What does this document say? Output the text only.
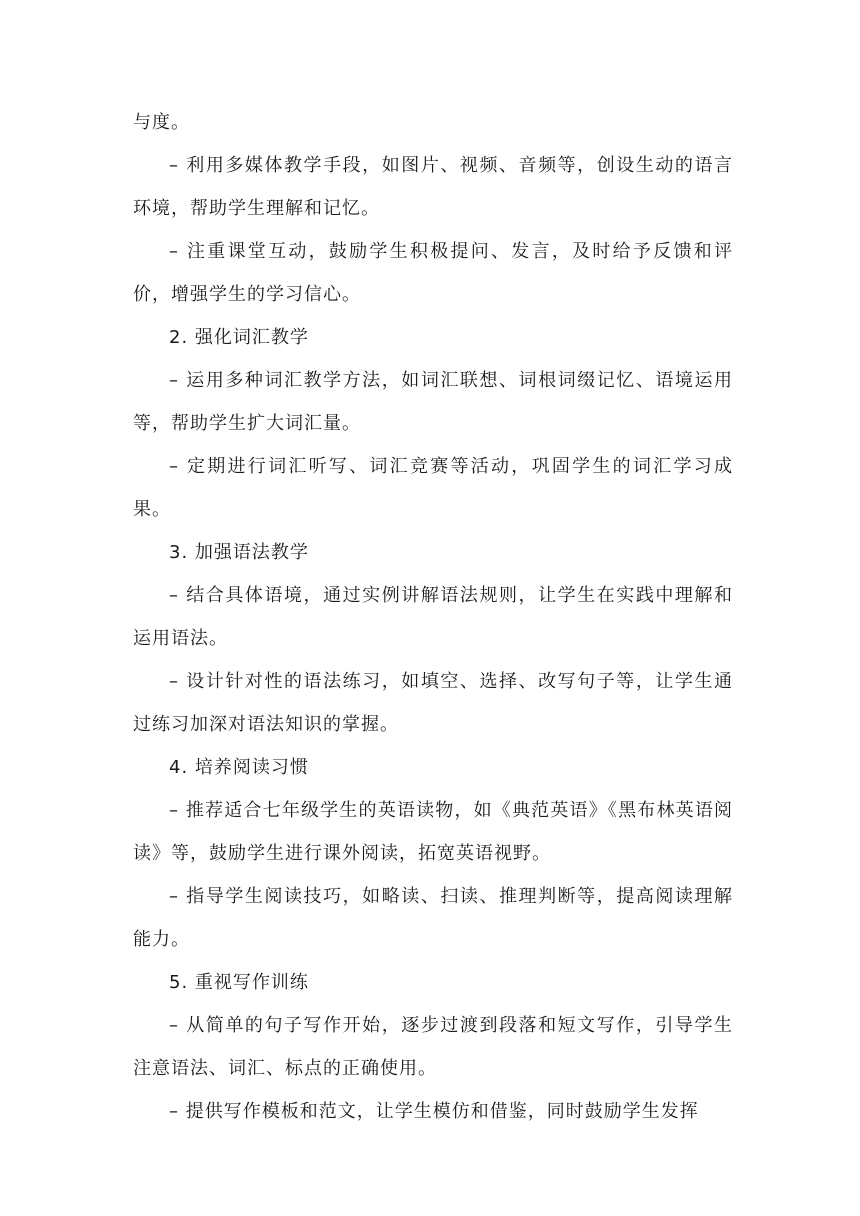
与度。

– 利用多媒体教学手段，如图片、视频、音频等，创设生动的语言环境，帮助学生理解和记忆。

– 注重课堂互动，鼓励学生积极提问、发言，及时给予反馈和评价，增强学生的学习信心。

2. 强化词汇教学

– 运用多种词汇教学方法，如词汇联想、词根词缀记忆、语境运用等，帮助学生扩大词汇量。

– 定期进行词汇听写、词汇竞赛等活动，巩固学生的词汇学习成果。

3. 加强语法教学

– 结合具体语境，通过实例讲解语法规则，让学生在实践中理解和运用语法。

– 设计针对性的语法练习，如填空、选择、改写句子等，让学生通过练习加深对语法知识的掌握。

4. 培养阅读习惯

– 推荐适合七年级学生的英语读物，如《典范英语》《黑布林英语阅读》等，鼓励学生进行课外阅读，拓宽英语视野。

– 指导学生阅读技巧，如略读、扫读、推理判断等，提高阅读理解能力。

5. 重视写作训练

– 从简单的句子写作开始，逐步过渡到段落和短文写作，引导学生注意语法、词汇、标点的正确使用。

– 提供写作模板和范文，让学生模仿和借鉴，同时鼓励学生发挥
